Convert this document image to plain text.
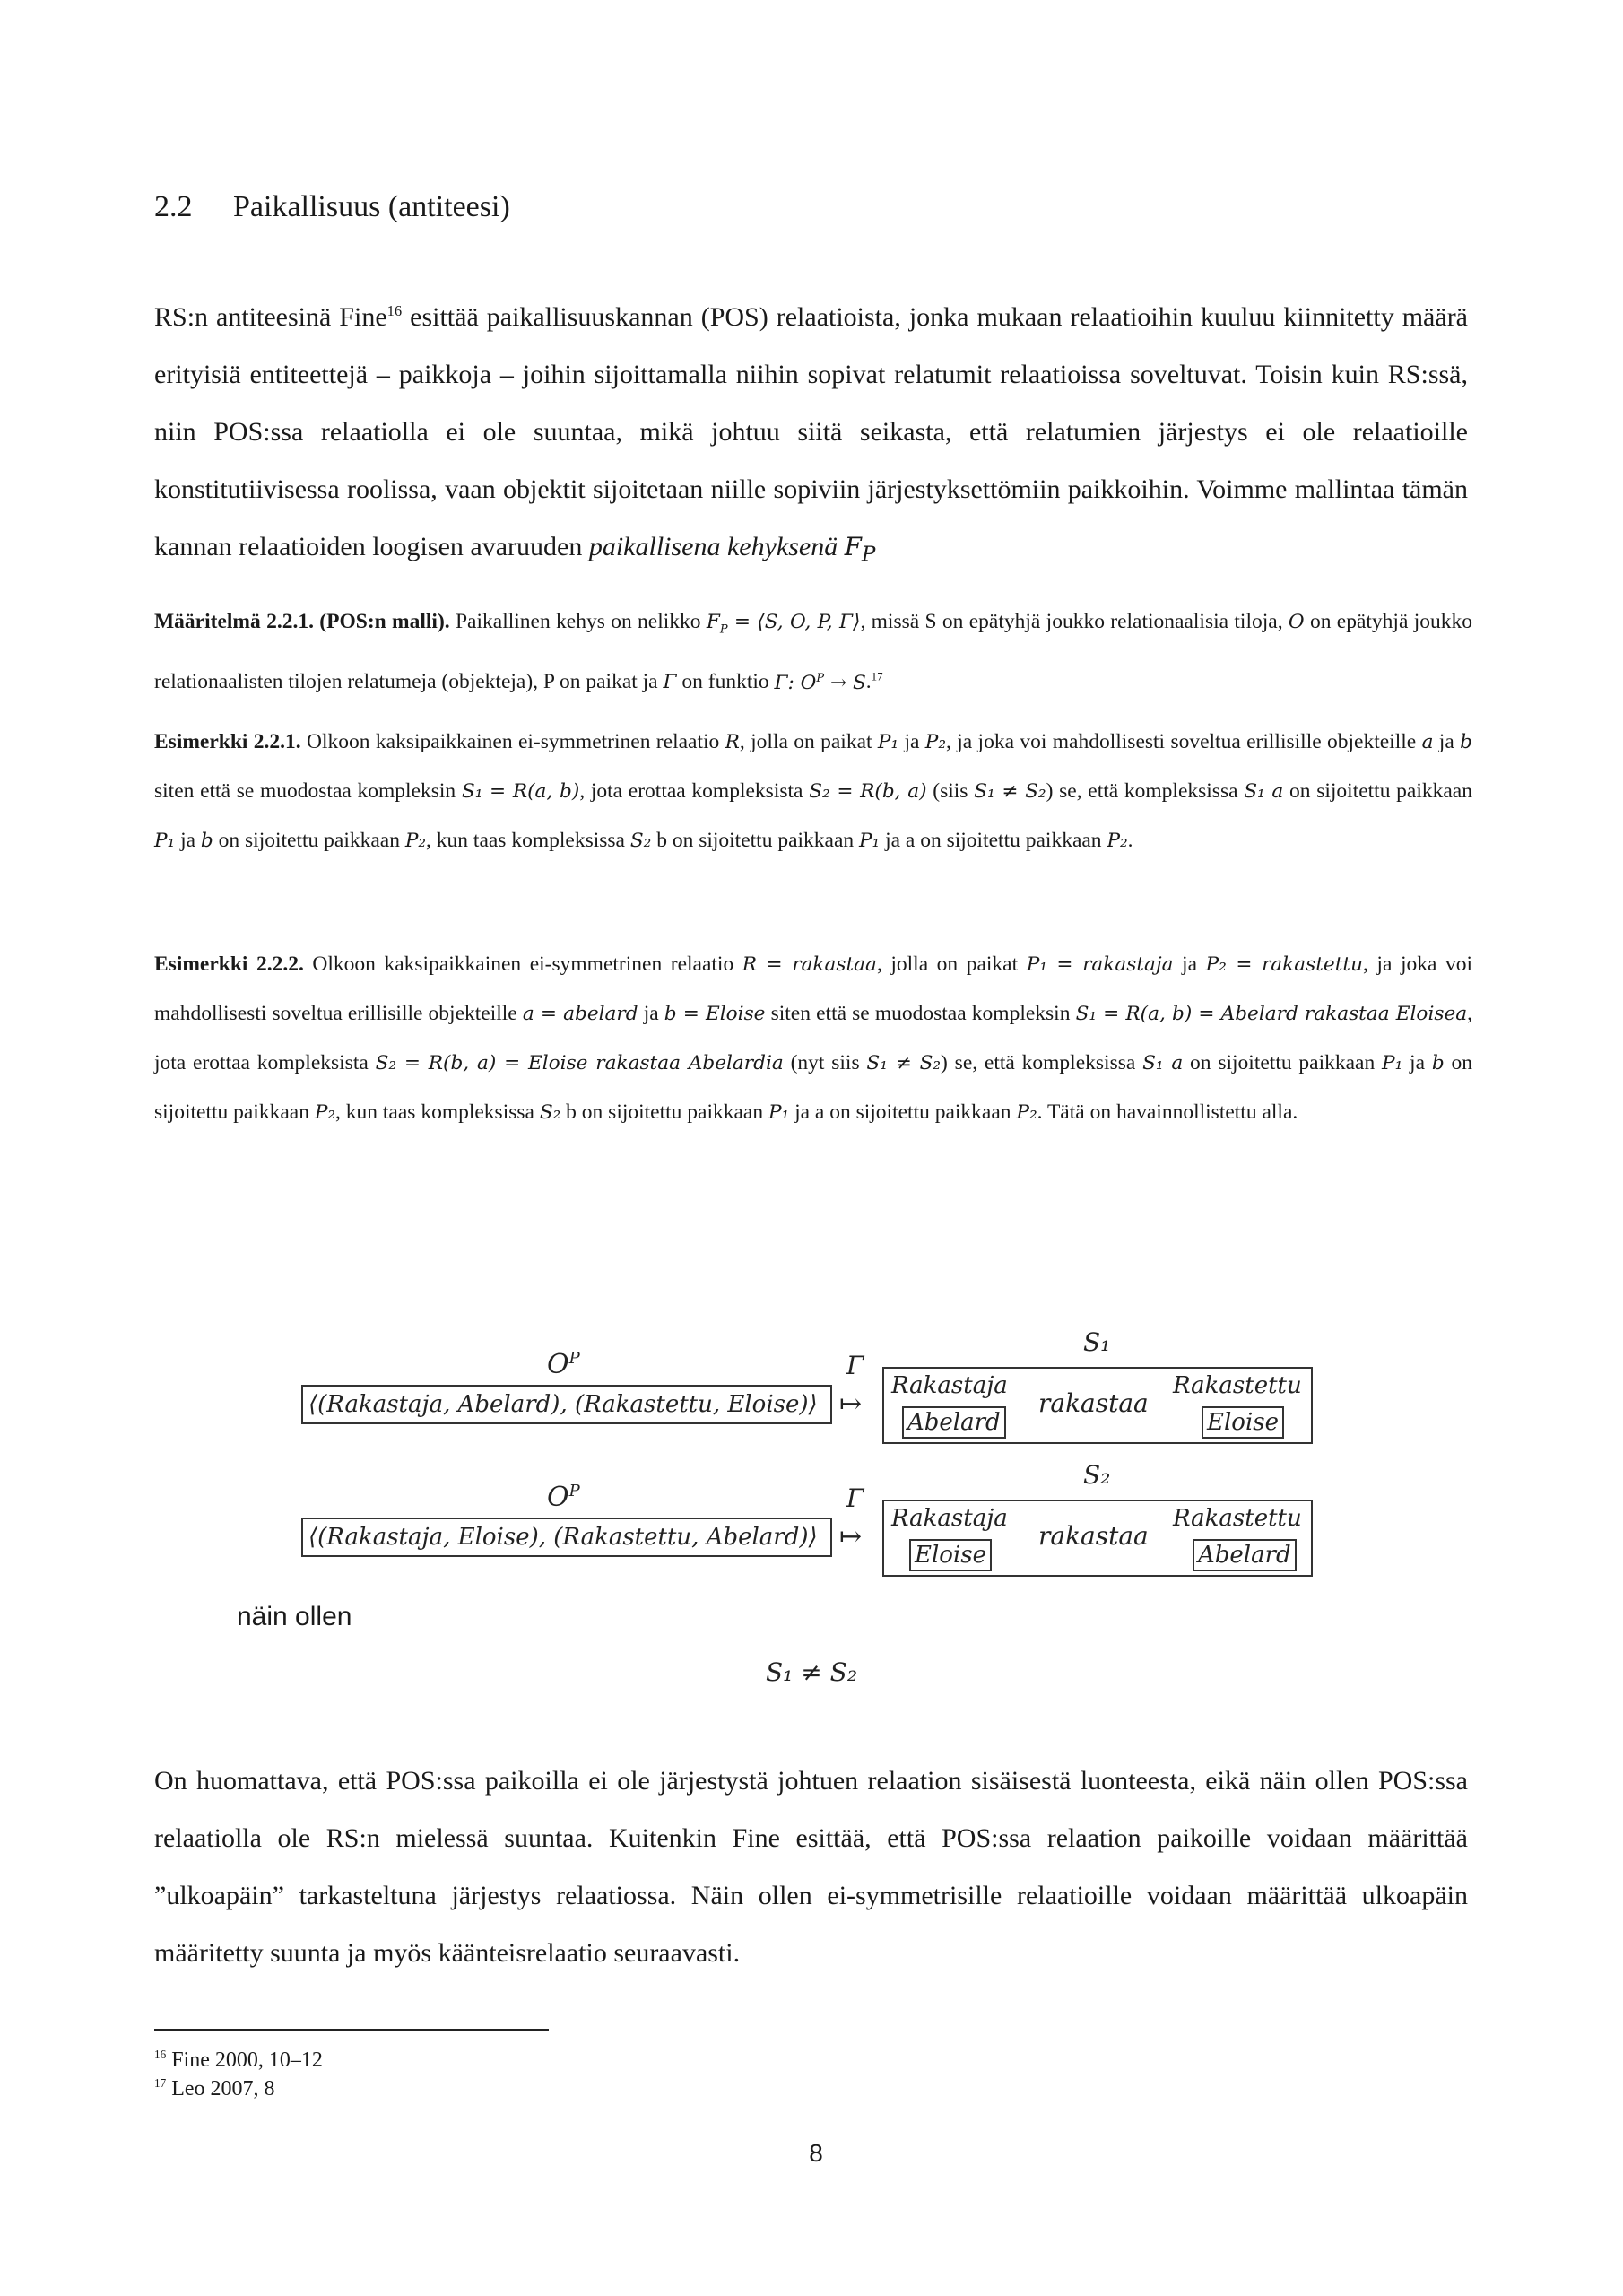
2.2 Paikallisuus (antiteesi)
RS:n antiteesinä Fine$^{16}$ esittää paikallisuuskannan (POS) relaatioista, jonka mukaan relaatioihin kuuluu kiinnitetty määrä erityisiä entiteettejä – paikkoja – joihin sijoittamalla niihin sopivat relatumit relaatioissa soveltuvat. Toisin kuin RS:ssä, niin POS:ssa relaatiolla ei ole suuntaa, mikä johtuu siitä seikasta, että relatumien järjestys ei ole relaatioille konstitutiivisessa roolissa, vaan objektit sijoitetaan niille sopiviin järjestyksettömiin paikkoihin. Voimme mallintaa tämän kannan relaatioiden loogisen avaruuden paikallisena kehyksenä $F_P$
Määritelmä 2.2.1. (POS:n malli). Paikallinen kehys on nelikko $F_P$ = ⟨S, O, P, Γ⟩, missä S on epätyhjä joukko relationaalisia tiloja, O on epätyhjä joukko relationaalisten tilojen relatumeja (objekteja), P on paikat ja Γ on funktio Γ: $O^P \to S.^{17}$
Esimerkki 2.2.1. Olkoon kaksipaikkainen ei-symmetrinen relaatio R, jolla on paikat P₁ ja P₂, ja joka voi mahdollisesti soveltua erillisille objekteille a ja b siten että se muodostaa kompleksin S₁ = R(a, b), jota erottaa kompleksista S₂ = R(b, a) (siis S₁ ≠ S₂) se, että kompleksissa S₁ a on sijoitettu paikkaan P₁ ja b on sijoitettu paikkaan P₂, kun taas kompleksissa S₂ b on sijoitettu paikkaan P₁ ja a on sijoitettu paikkaan P₂.
Esimerkki 2.2.2. Olkoon kaksipaikkainen ei-symmetrinen relaatio R = rakastaa, jolla on paikat P₁ = rakastaja ja P₂ = rakastettu, ja joka voi mahdollisesti soveltua erillisille objekteille a = abelard ja b = Eloise siten että se muodostaa kompleksin S₁ = R(a, b) = Abelard rakastaa Eloisea, jota erottaa kompleksista S₂ = R(b, a) = Eloise rakastaa Abelardia (nyt siis S₁ ≠ S₂) se, että kompleksissa S₁ a on sijoitettu paikkaan P₁ ja b on sijoitettu paikkaan P₂, kun taas kompleksissa S₂ b on sijoitettu paikkaan P₁ ja a on sijoitettu paikkaan P₂. Tätä on havainnollistettu alla.
$O^P$
⟨(Rakastaja, Abelard), (Rakastettu, Eloise)⟩
Γ
↦
S₁
Rakastaja
Abelard
rakastaa
Rakastettu
Eloise
$O^P$
⟨(Rakastaja, Eloise), (Rakastettu, Abelard)⟩
Γ
↦
S₂
Rakastaja
Eloise
rakastaa
Rakastettu
Abelard
näin ollen
S₁ ≠ S₂
On huomattava, että POS:ssa paikoilla ei ole järjestystä johtuen relaation sisäisestä luonteesta, eikä näin ollen POS:ssa relaatiolla ole RS:n mielessä suuntaa. Kuitenkin Fine esittää, että POS:ssa relaation paikoille voidaan määrittää ”ulkoapäin” tarkasteltuna järjestys relaatiossa. Näin ollen ei-symmetrisille relaatioille voidaan määrittää ulkoapäin määritetty suunta ja myös käänteisrelaatio seuraavasti.
$^{16}$ Fine 2000, 10–12
$^{17}$ Leo 2007, 8
8
